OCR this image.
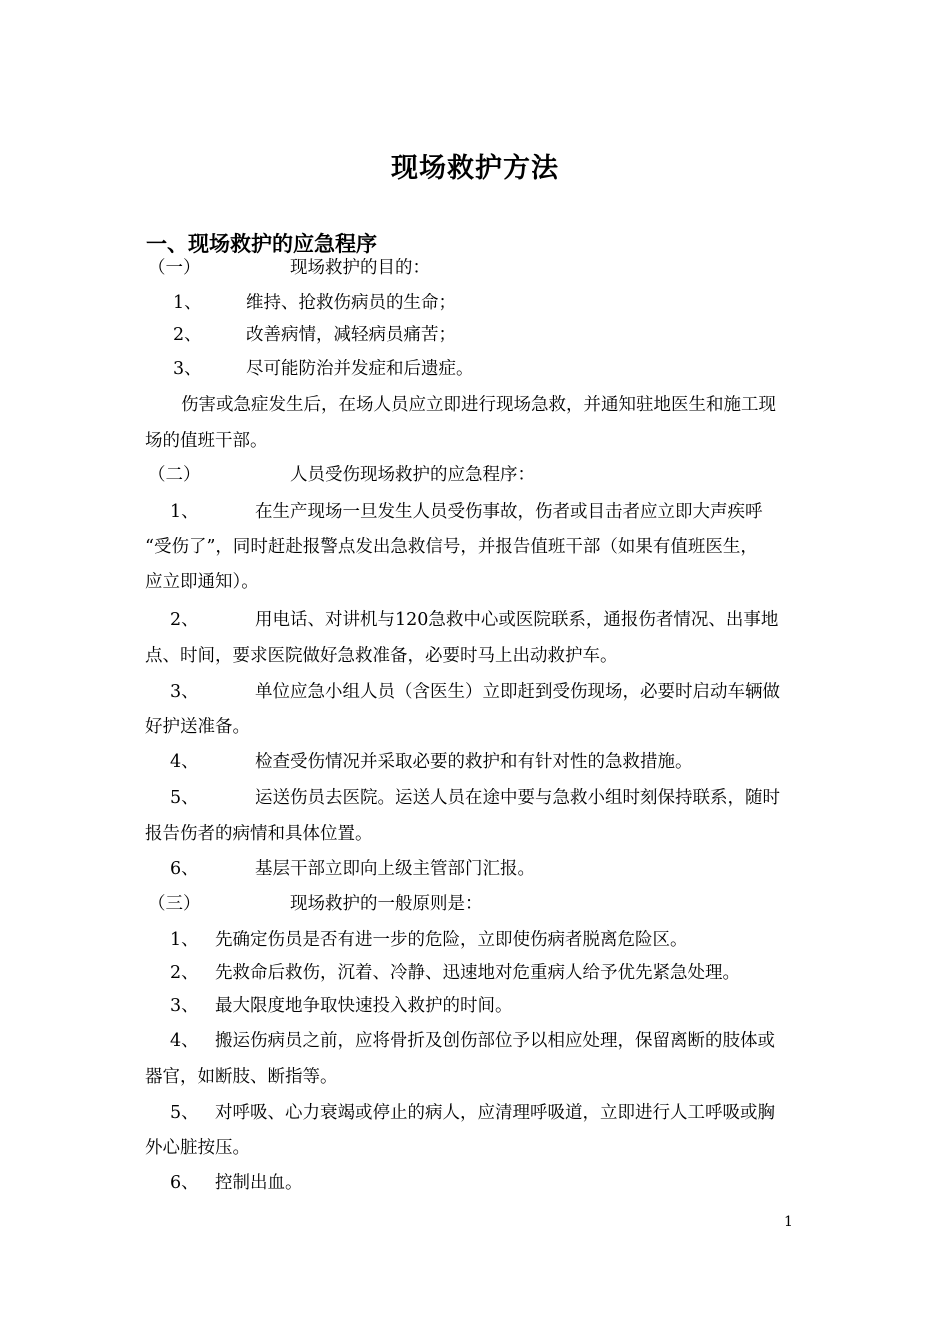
现场救护方法
一、现场救护的应急程序
（一）	现场救护的目的：
1、	维持、抢救伤病员的生命；
2、	改善病情，减轻病员痛苦；
3、	尽可能防治并发症和后遗症。
伤害或急症发生后，在场人员应立即进行现场急救，并通知驻地医生和施工现
场的值班干部。
（二）	人员受伤现场救护的应急程序：
1、	在生产现场一旦发生人员受伤事故，伤者或目击者应立即大声疾呼
“受伤了”，同时赶赴报警点发出急救信号，并报告值班干部（如果有值班医生，
应立即通知）。
2、	用电话、对讲机与120急救中心或医院联系，通报伤者情况、出事地
点、时间，要求医院做好急救准备，必要时马上出动救护车。
3、	单位应急小组人员（含医生）立即赶到受伤现场，必要时启动车辆做
好护送准备。
4、	检查受伤情况并采取必要的救护和有针对性的急救措施。
5、	运送伤员去医院。运送人员在途中要与急救小组时刻保持联系，随时
报告伤者的病情和具体位置。
6、	基层干部立即向上级主管部门汇报。
（三）	现场救护的一般原则是：
1、 先确定伤员是否有进一步的危险，立即使伤病者脱离危险区。
2、 先救命后救伤，沉着、冷静、迅速地对危重病人给予优先紧急处理。
3、 最大限度地争取快速投入救护的时间。
4、 搬运伤病员之前，应将骨折及创伤部位予以相应处理，保留离断的肢体或
器官，如断肢、断指等。
5、 对呼吸、心力衰竭或停止的病人，应清理呼吸道，立即进行人工呼吸或胸
外心脏按压。
6、 控制出血。
1
